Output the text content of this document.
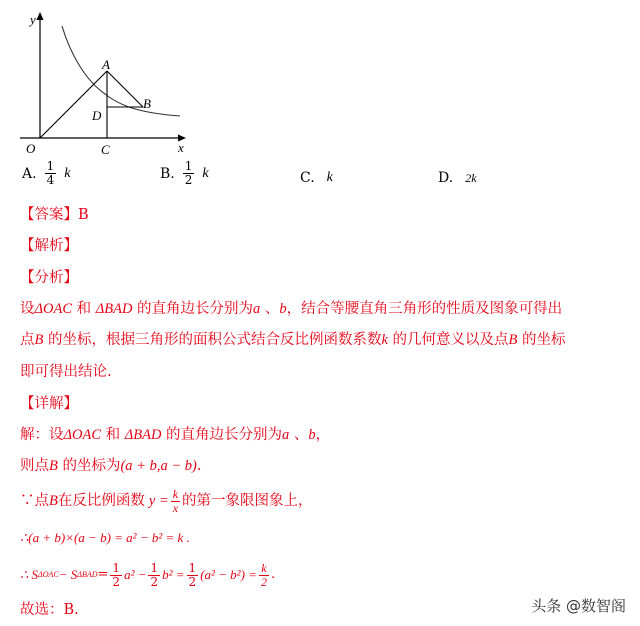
y
x
O	C
A
B
D
A. $\frac{1}{4}$ k	B. $\frac{1}{2}$ k	C. k	D. 2k
【答案】B
【解析】
【分析】
设ΔOAC 和 ΔBAD 的直角边长分别为a 、b，结合等腰直角三角形的性质及图象可得出
点B 的坐标，根据三角形的面积公式结合反比例函数系数k 的几何意义以及点B 的坐标
即可得出结论.
【详解】
解：设ΔOAC 和 ΔBAD 的直角边长分别为a 、b，
则点B 的坐标为(a + b,a − b).
∵点 B 在反比例函数 $y = \frac{k}{x}$ 的第一象限图象上，
∴(a + b)×(a − b) = a² − b² = k .
∴ S ΔOAC − S $\Delta BAD = \frac{1}{2} a^2 - \frac{1}{2} b^2 = \frac{1}{2} (a^2 - b^2) = \frac{k}{2}$ .
故选：B.	头条 @数智阁
